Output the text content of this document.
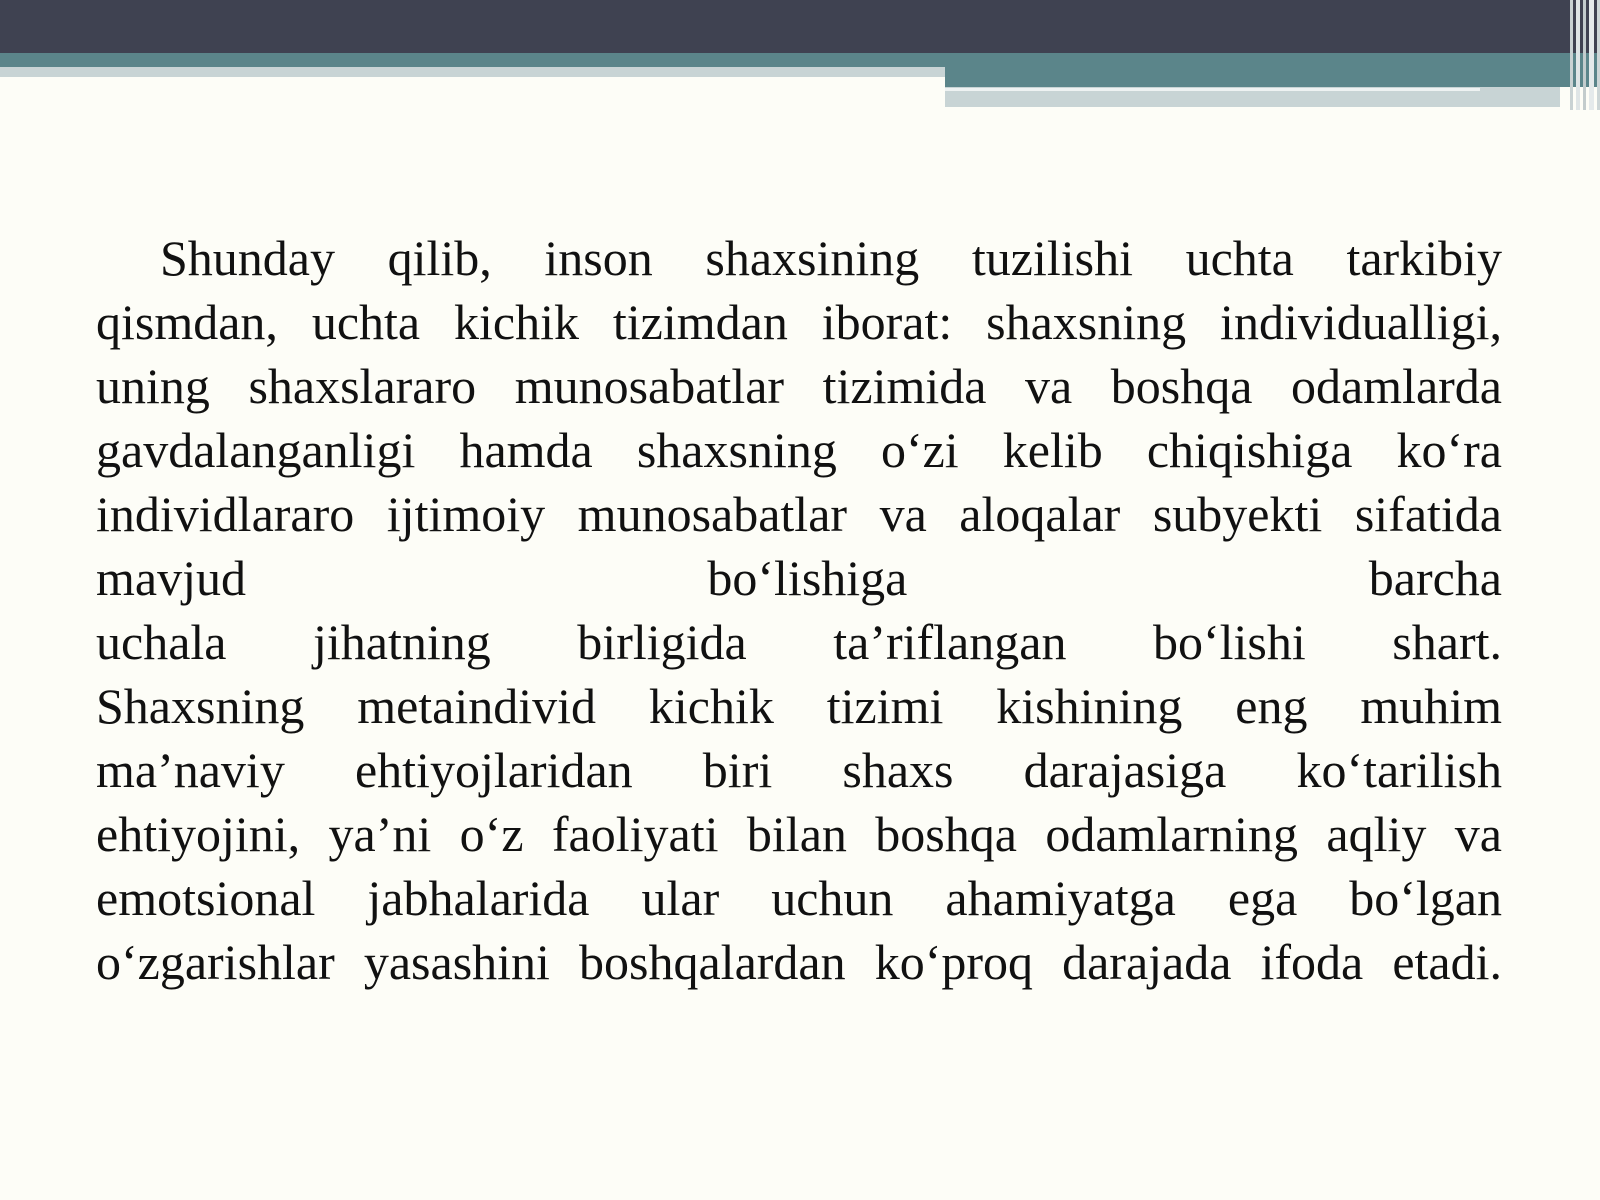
Shunday qilib, inson shaxsining tuzilishi uchta tarkibiy
qismdan, uchta kichik tizimdan iborat: shaxsning individualligi,
uning shaxslararo munosabatlar tizimida va boshqa odamlarda
gavdalanganligi hamda shaxsning o‘zi kelib chiqishiga ko‘ra
individlararo ijtimoiy munosabatlar va aloqalar subyekti sifatida
mavjud bo‘lishiga barcha
uchala jihatning birligida ta’riflangan bo‘lishi shart.
Shaxsning metaindivid kichik tizimi kishining eng muhim
ma’naviy ehtiyojlaridan biri shaxs darajasiga ko‘tarilish
ehtiyojini, ya’ni o‘z faoliyati bilan boshqa odamlarning aqliy va
emotsional jabhalarida ular uchun ahamiyatga ega bo‘lgan
o‘zgarishlar yasashini boshqalardan ko‘proq darajada ifoda etadi.
